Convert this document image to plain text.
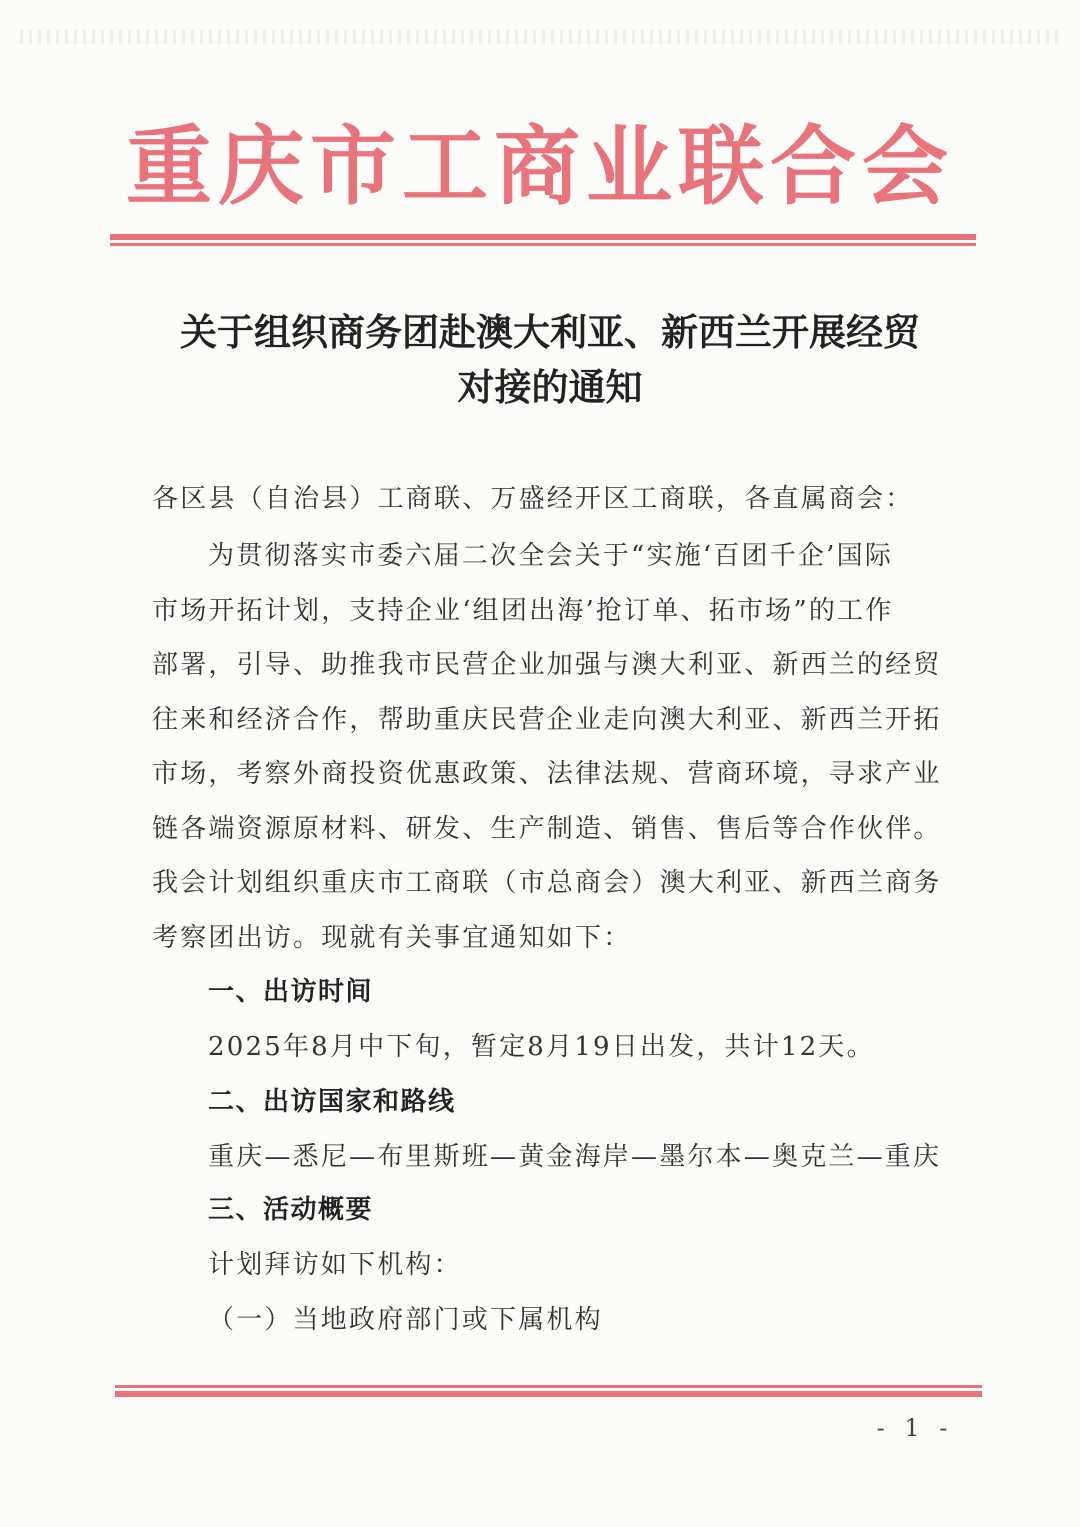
重庆市工商业联合会
关于组织商务团赴澳大利亚、新西兰开展经贸
对接的通知
各区县（自治县）工商联、万盛经开区工商联，各直属商会：
为贯彻落实市委六届二次全会关于“实施‘百团千企’国际
市场开拓计划，支持企业‘组团出海’抢订单、拓市场”的工作
部署，引导、助推我市民营企业加强与澳大利亚、新西兰的经贸
往来和经济合作，帮助重庆民营企业走向澳大利亚、新西兰开拓
市场，考察外商投资优惠政策、法律法规、营商环境，寻求产业
链各端资源原材料、研发、生产制造、销售、售后等合作伙伴。
我会计划组织重庆市工商联（市总商会）澳大利亚、新西兰商务
考察团出访。现就有关事宜通知如下：
一、出访时间
2025年8月中下旬，暂定8月19日出发，共计12天。
二、出访国家和路线
重庆—悉尼—布里斯班—黄金海岸—墨尔本—奥克兰—重庆
三、活动概要
计划拜访如下机构：
（一）当地政府部门或下属机构
- 1 -
